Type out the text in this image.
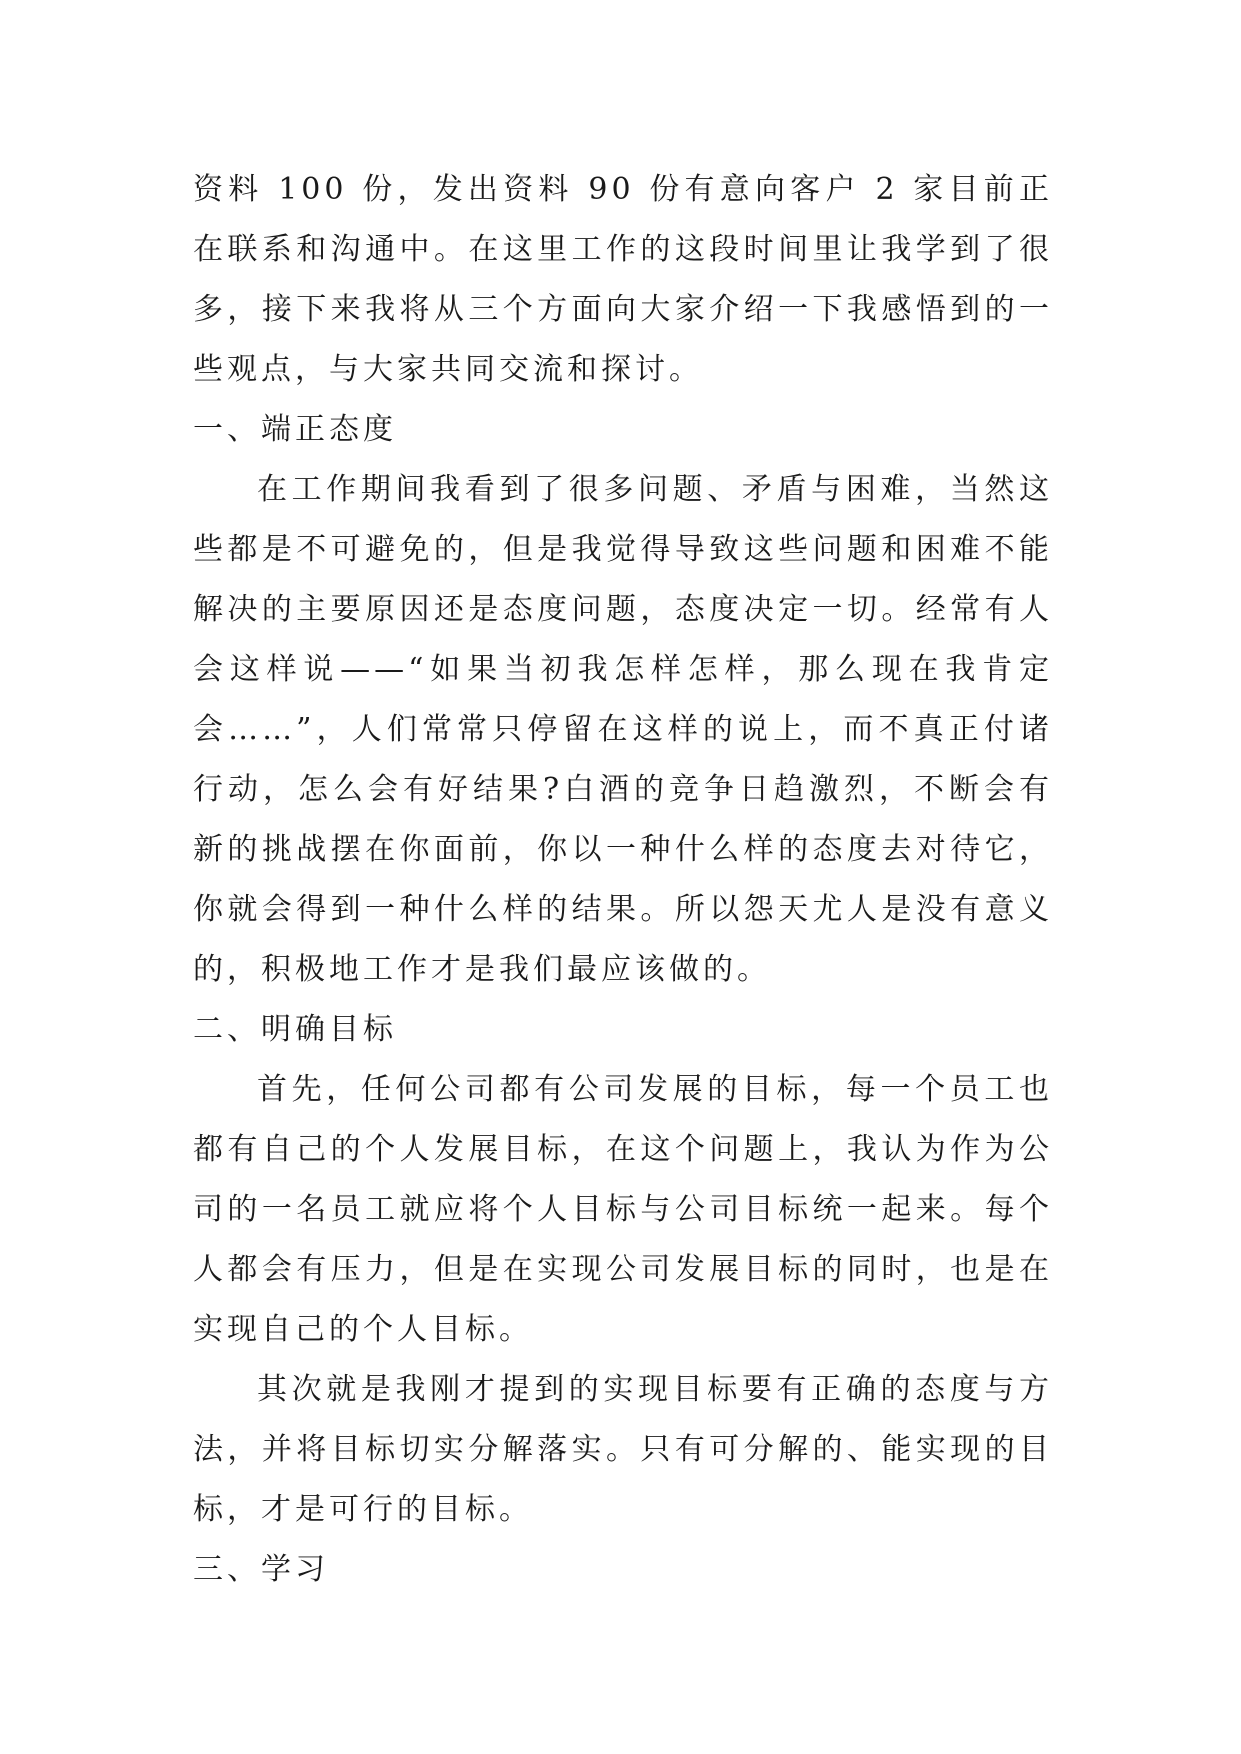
资料 100 份，发出资料 90 份有意向客户 2 家目前正在联系和沟通中。在这里工作的这段时间里让我学到了很多，接下来我将从三个方面向大家介绍一下我感悟到的一些观点，与大家共同交流和探讨。

一、端正态度

在工作期间我看到了很多问题、矛盾与困难，当然这些都是不可避免的，但是我觉得导致这些问题和困难不能解决的主要原因还是态度问题，态度决定一切。经常有人会这样说——“如果当初我怎样怎样，那么现在我肯定会……”，人们常常只停留在这样的说上，而不真正付诸行动，怎么会有好结果?白酒的竞争日趋激烈，不断会有新的挑战摆在你面前，你以一种什么样的态度去对待它，你就会得到一种什么样的结果。所以怨天尤人是没有意义的，积极地工作才是我们最应该做的。

二、明确目标

首先，任何公司都有公司发展的目标，每一个员工也都有自己的个人发展目标，在这个问题上，我认为作为公司的一名员工就应将个人目标与公司目标统一起来。每个人都会有压力，但是在实现公司发展目标的同时，也是在实现自己的个人目标。

其次就是我刚才提到的实现目标要有正确的态度与方法，并将目标切实分解落实。只有可分解的、能实现的目标，才是可行的目标。

三、学习
